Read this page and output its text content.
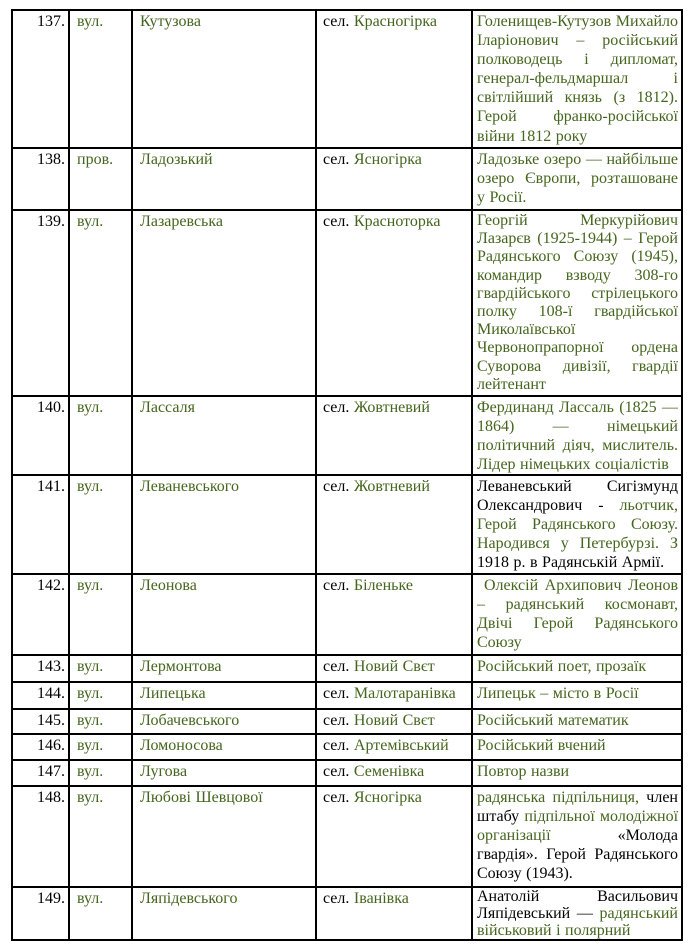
137.	вул.	Кутузова	сел. Красногірка	Голенищев-Кутузов Михайло Іларіонович – російський полководець і дипломат, генерал-фельдмаршал і світлійший князь (з 1812). Герой франко-російської війни 1812 року

138.	пров.	Ладозький	сел. Ясногірка	Ладозьке озеро — найбільше озеро Європи, розташоване у Росії.

139.	вул.	Лазаревська	сел. Красноторка	Георгій Меркурійович Лазарєв (1925-1944) – Герой Радянського Союзу (1945), командир взводу 308-го гвардійського стрілецького полку 108-ї гвардійської Миколаївської Червонопрапорної ордена Суворова дивізії, гвардії лейтенант

140.	вул.	Лассаля	сел. Жовтневий	Фердинанд Лассаль (1825 — 1864) — німецький політичний діяч, мислитель. Лідер німецьких соціалістів

141.	вул.	Леваневського	сел. Жовтневий	Леваневський Сигізмунд Олександрович - льотчик, Герой Радянського Союзу. Народився у Петербурзі. З 1918 р. в Радянській Армії.

142.	вул.	Леонова	сел. Біленьке	Олексій Архипович Леонов – радянський космонавт, Двічі Герой Радянського Союзу

143.	вул.	Лермонтова	сел. Новий Свєт	Російський поет, прозаїк

144.	вул.	Липецька	сел. Малотаранівка	Липецьк – місто в Росії

145.	вул.	Лобачевського	сел. Новий Свєт	Російський математик

146.	вул.	Ломоносова	сел. Артемівський	Російський вчений

147.	вул.	Лугова	сел. Семенівка	Повтор назви

148.	вул.	Любові Шевцової	сел. Ясногірка	радянська підпільниця, член штабу підпільної молодіжної організації «Молода гвардія». Герой Радянського Союзу (1943).

149.	вул.	Ляпідевського	сел. Іванівка	Анатолій Васильович Ляпідевський — радянський військовий і полярний
